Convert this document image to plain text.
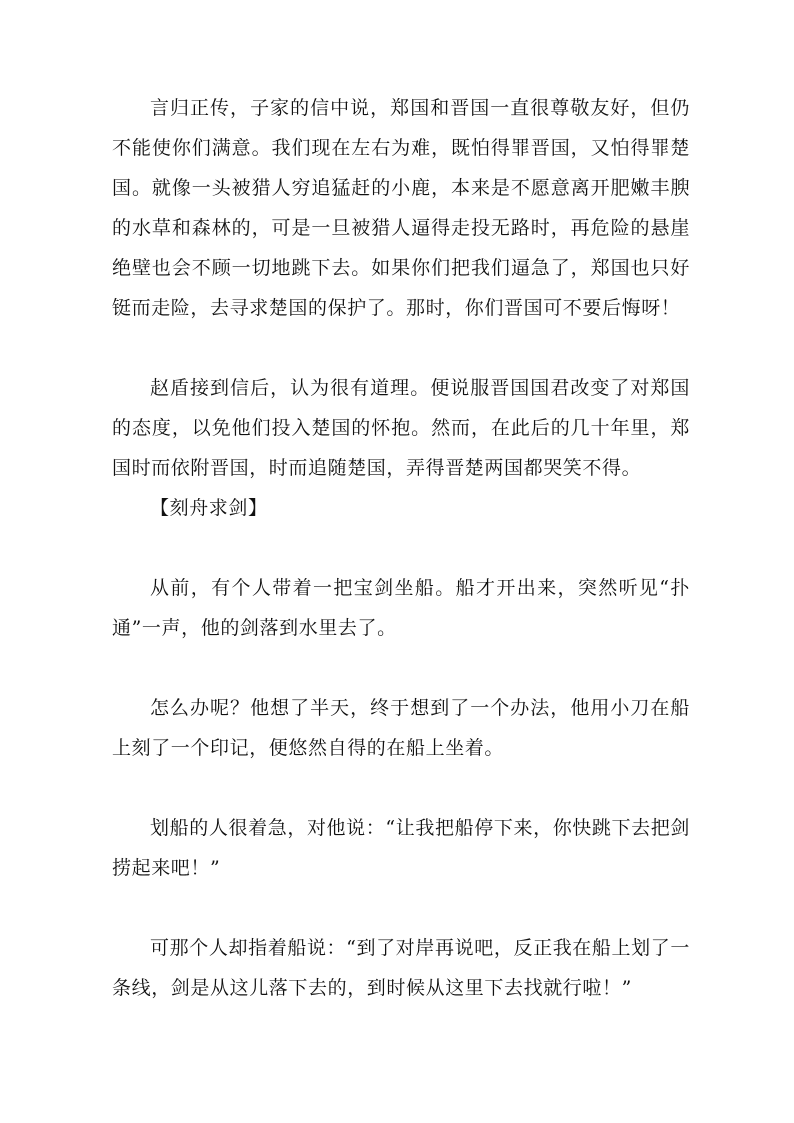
言归正传，子家的信中说，郑国和晋国一直很尊敬友好，但仍不能使你们满意。我们现在左右为难，既怕得罪晋国，又怕得罪楚国。就像一头被猎人穷追猛赶的小鹿，本来是不愿意离开肥嫩丰腴的水草和森林的，可是一旦被猎人逼得走投无路时，再危险的悬崖绝壁也会不顾一切地跳下去。如果你们把我们逼急了，郑国也只好铤而走险，去寻求楚国的保护了。那时，你们晋国可不要后悔呀！

赵盾接到信后，认为很有道理。便说服晋国国君改变了对郑国的态度，以免他们投入楚国的怀抱。然而，在此后的几十年里，郑国时而依附晋国，时而追随楚国，弄得晋楚两国都哭笑不得。

【刻舟求剑】

从前，有个人带着一把宝剑坐船。船才开出来，突然听见“扑通”一声，他的剑落到水里去了。

怎么办呢？他想了半天，终于想到了一个办法，他用小刀在船上刻了一个印记，便悠然自得的在船上坐着。

划船的人很着急，对他说：“让我把船停下来，你快跳下去把剑捞起来吧！”

可那个人却指着船说：“到了对岸再说吧，反正我在船上划了一条线，剑是从这儿落下去的，到时候从这里下去找就行啦！”
